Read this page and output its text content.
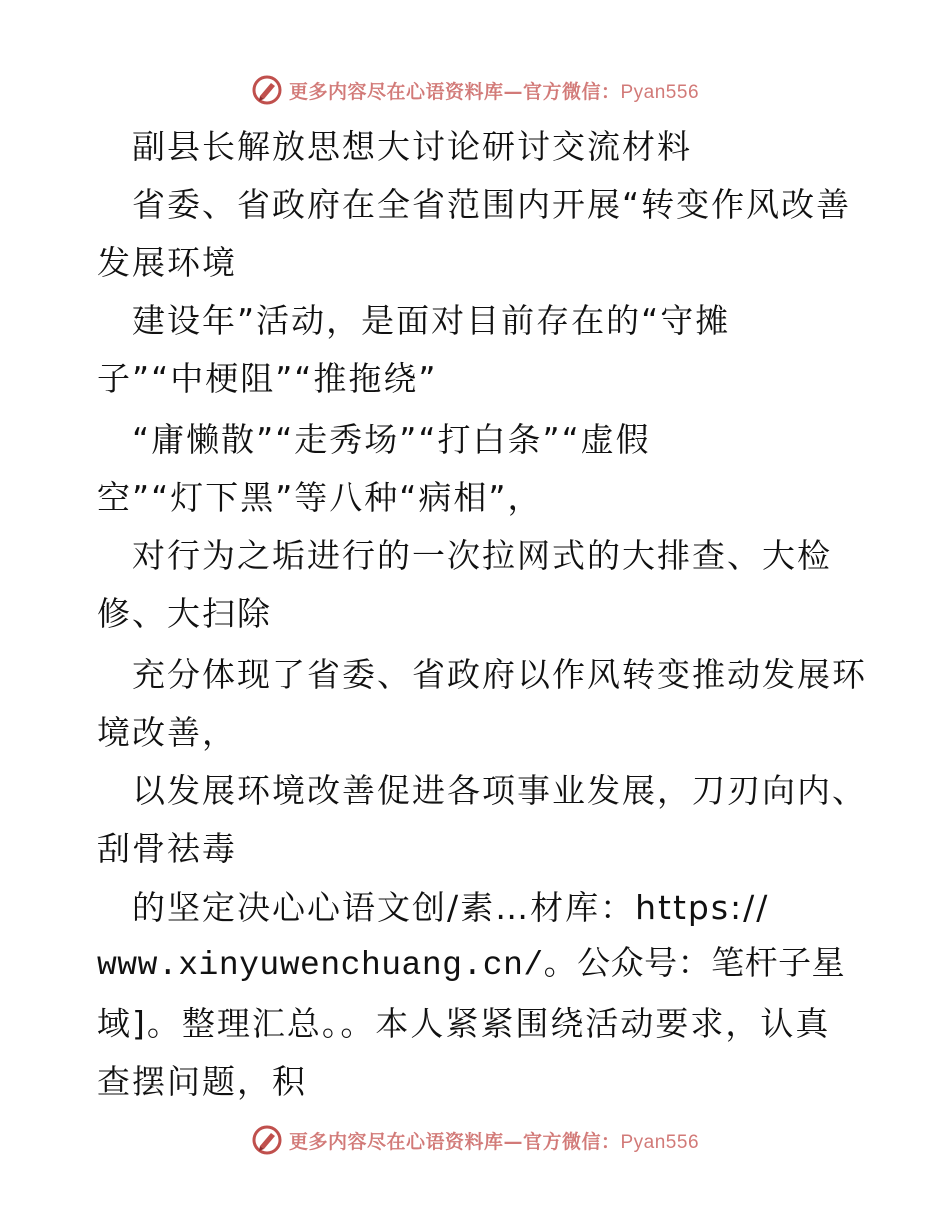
更多内容尽在心语资料库—官方微信：Pyan556
　副县长解放思想大讨论研讨交流材料
　省委、省政府在全省范围内开展“转变作风改善
发展环境
　建设年”活动，是面对目前存在的“守摊
子”“中梗阻”“推拖绕”
　“庸懒散”“走秀场”“打白条”“虚假
空”“灯下黑”等八种“病相”，
　对行为之垢进行的一次拉网式的大排查、大检
修、大扫除
　充分体现了省委、省政府以作风转变推动发展环
境改善，
　以发展环境改善促进各项事业发展，刀刃向内、
刮骨祛毒
　的坚定决心心语文创/素…材库：https://
www.xinyuwenchuang.cn/。公众号：笔杆子星
域]。整理汇总。。本人紧紧围绕活动要求，认真
查摆问题，积
更多内容尽在心语资料库—官方微信：Pyan556
